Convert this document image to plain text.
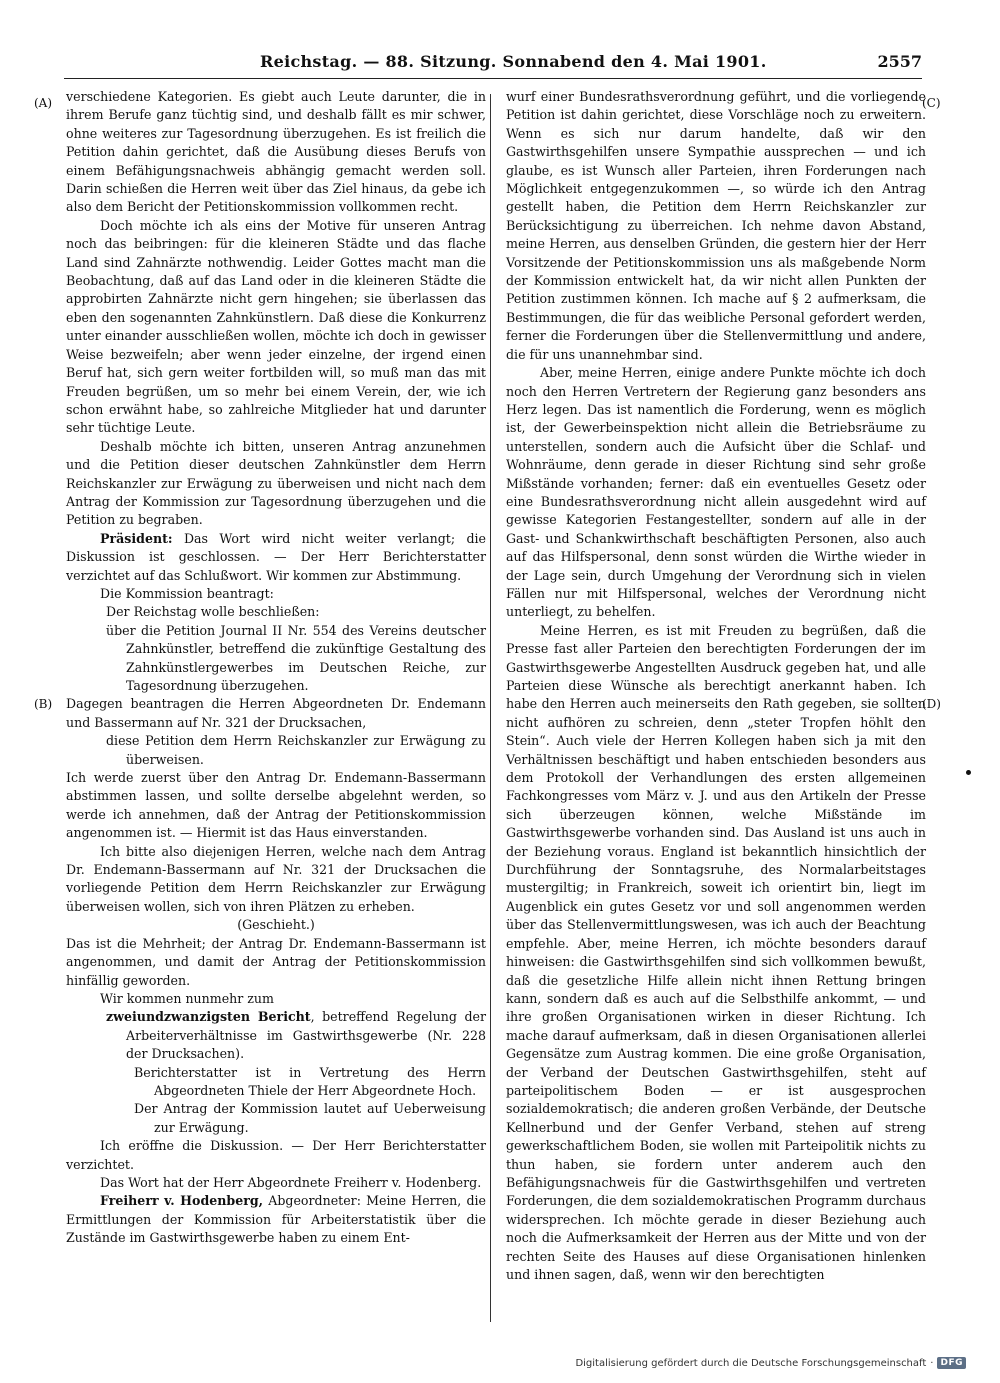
Reichstag. — 88. Sitzung. Sonnabend den 4. Mai 1901.	2557
(A)
(B)
(C)
(D)

verschiedene Kategorien. Es giebt auch Leute darunter, die in ihrem Berufe ganz tüchtig sind, und deshalb fällt es mir schwer, ohne weiteres zur Tagesordnung überzugehen. Es ist freilich die Petition dahin gerichtet, daß die Ausübung dieses Berufs von einem Befähigungsnachweis abhängig gemacht werden soll. Darin schießen die Herren weit über das Ziel hinaus, da gebe ich also dem Bericht der Petitionskommission vollkommen recht.

Doch möchte ich als eins der Motive für unseren Antrag noch das beibringen: für die kleineren Städte und das flache Land sind Zahnärzte nothwendig. Leider Gottes macht man die Beobachtung, daß auf das Land oder in die kleineren Städte die approbirten Zahnärzte nicht gern hingehen; sie überlassen das eben den sogenannten Zahnkünstlern. Daß diese die Konkurrenz unter einander ausschließen wollen, möchte ich doch in gewisser Weise bezweifeln; aber wenn jeder einzelne, der irgend einen Beruf hat, sich gern weiter fortbilden will, so muß man das mit Freuden begrüßen, um so mehr bei einem Verein, der, wie ich schon erwähnt habe, so zahlreiche Mitglieder hat und darunter sehr tüchtige Leute.

Deshalb möchte ich bitten, unseren Antrag anzunehmen und die Petition dieser deutschen Zahnkünstler dem Herrn Reichskanzler zur Erwägung zu überweisen und nicht nach dem Antrag der Kommission zur Tagesordnung überzugehen und die Petition zu begraben.

Präsident: Das Wort wird nicht weiter verlangt; die Diskussion ist geschlossen. — Der Herr Berichterstatter verzichtet auf das Schlußwort. Wir kommen zur Abstimmung.

Die Kommission beantragt:

Der Reichstag wolle beschließen:

über die Petition Journal II Nr. 554 des Vereins deutscher Zahnkünstler, betreffend die zukünftige Gestaltung des Zahnkünstlergewerbes im Deutschen Reiche, zur Tagesordnung überzugehen.

Dagegen beantragen die Herren Abgeordneten Dr. Endemann und Bassermann auf Nr. 321 der Drucksachen,

diese Petition dem Herrn Reichskanzler zur Erwägung zu überweisen.

Ich werde zuerst über den Antrag Dr. Endemann-Bassermann abstimmen lassen, und sollte derselbe abgelehnt werden, so werde ich annehmen, daß der Antrag der Petitionskommission angenommen ist. — Hiermit ist das Haus einverstanden.

Ich bitte also diejenigen Herren, welche nach dem Antrag Dr. Endemann-Bassermann auf Nr. 321 der Drucksachen die vorliegende Petition dem Herrn Reichskanzler zur Erwägung überweisen wollen, sich von ihren Plätzen zu erheben.

(Geschieht.)

Das ist die Mehrheit; der Antrag Dr. Endemann-Bassermann ist angenommen, und damit der Antrag der Petitionskommission hinfällig geworden.

Wir kommen nunmehr zum

zweiundzwanzigsten Bericht, betreffend Regelung der Arbeiterverhältnisse im Gastwirthsgewerbe (Nr. 228 der Drucksachen).

Berichterstatter ist in Vertretung des Herrn Abgeordneten Thiele der Herr Abgeordnete Hoch.

Der Antrag der Kommission lautet auf Ueberweisung zur Erwägung.

Ich eröffne die Diskussion. — Der Herr Berichterstatter verzichtet.

Das Wort hat der Herr Abgeordnete Freiherr v. Hodenberg.

Freiherr v. Hodenberg, Abgeordneter: Meine Herren, die Ermittlungen der Kommission für Arbeiterstatistik über die Zustände im Gastwirthsgewerbe haben zu einem Ent-

wurf einer Bundesrathsverordnung geführt, und die vorliegende Petition ist dahin gerichtet, diese Vorschläge noch zu erweitern. Wenn es sich nur darum handelte, daß wir den Gastwirthsgehilfen unsere Sympathie aussprechen — und ich glaube, es ist Wunsch aller Parteien, ihren Forderungen nach Möglichkeit entgegenzukommen —, so würde ich den Antrag gestellt haben, die Petition dem Herrn Reichskanzler zur Berücksichtigung zu überreichen. Ich nehme davon Abstand, meine Herren, aus denselben Gründen, die gestern hier der Herr Vorsitzende der Petitionskommission uns als maßgebende Norm der Kommission entwickelt hat, da wir nicht allen Punkten der Petition zustimmen können. Ich mache auf § 2 aufmerksam, die Bestimmungen, die für das weibliche Personal gefordert werden, ferner die Forderungen über die Stellenvermittlung und andere, die für uns unannehmbar sind.

Aber, meine Herren, einige andere Punkte möchte ich doch noch den Herren Vertretern der Regierung ganz besonders ans Herz legen. Das ist namentlich die Forderung, wenn es möglich ist, der Gewerbeinspektion nicht allein die Betriebsräume zu unterstellen, sondern auch die Aufsicht über die Schlaf- und Wohnräume, denn gerade in dieser Richtung sind sehr große Mißstände vorhanden; ferner: daß ein eventuelles Gesetz oder eine Bundesrathsverordnung nicht allein ausgedehnt wird auf gewisse Kategorien Festangestellter, sondern auf alle in der Gast- und Schankwirthschaft beschäftigten Personen, also auch auf das Hilfspersonal, denn sonst würden die Wirthe wieder in der Lage sein, durch Umgehung der Verordnung sich in vielen Fällen nur mit Hilfspersonal, welches der Verordnung nicht unterliegt, zu behelfen.

Meine Herren, es ist mit Freuden zu begrüßen, daß die Presse fast aller Parteien den berechtigten Forderungen der im Gastwirthsgewerbe Angestellten Ausdruck gegeben hat, und alle Parteien diese Wünsche als berechtigt anerkannt haben. Ich habe den Herren auch meinerseits den Rath gegeben, sie sollten nicht aufhören zu schreien, denn „steter Tropfen höhlt den Stein“. Auch viele der Herren Kollegen haben sich ja mit den Verhältnissen beschäftigt und haben entschieden besonders aus dem Protokoll der Verhandlungen des ersten allgemeinen Fachkongresses vom März v. J. und aus den Artikeln der Presse sich überzeugen können, welche Mißstände im Gastwirthsgewerbe vorhanden sind. Das Ausland ist uns auch in der Beziehung voraus. England ist bekanntlich hinsichtlich der Durchführung der Sonntagsruhe, des Normalarbeitstages mustergiltig; in Frankreich, soweit ich orientirt bin, liegt im Augenblick ein gutes Gesetz vor und soll angenommen werden über das Stellenvermittlungswesen, was ich auch der Beachtung empfehle. Aber, meine Herren, ich möchte besonders darauf hinweisen: die Gastwirthsgehilfen sind sich vollkommen bewußt, daß die gesetzliche Hilfe allein nicht ihnen Rettung bringen kann, sondern daß es auch auf die Selbsthilfe ankommt, — und ihre großen Organisationen wirken in dieser Richtung. Ich mache darauf aufmerksam, daß in diesen Organisationen allerlei Gegensätze zum Austrag kommen. Die eine große Organisation, der Verband der Deutschen Gastwirthsgehilfen, steht auf parteipolitischem Boden — er ist ausgesprochen sozialdemokratisch; die anderen großen Verbände, der Deutsche Kellnerbund und der Genfer Verband, stehen auf streng gewerkschaftlichem Boden, sie wollen mit Parteipolitik nichts zu thun haben, sie fordern unter anderem auch den Befähigungsnachweis für die Gastwirthsgehilfen und vertreten Forderungen, die dem sozialdemokratischen Programm durchaus widersprechen. Ich möchte gerade in dieser Beziehung auch noch die Aufmerksamkeit der Herren aus der Mitte und von der rechten Seite des Hauses auf diese Organisationen hinlenken und ihnen sagen, daß, wenn wir den berechtigten

Digitalisierung gefördert durch die Deutsche Forschungsgemeinschaft · DFG
